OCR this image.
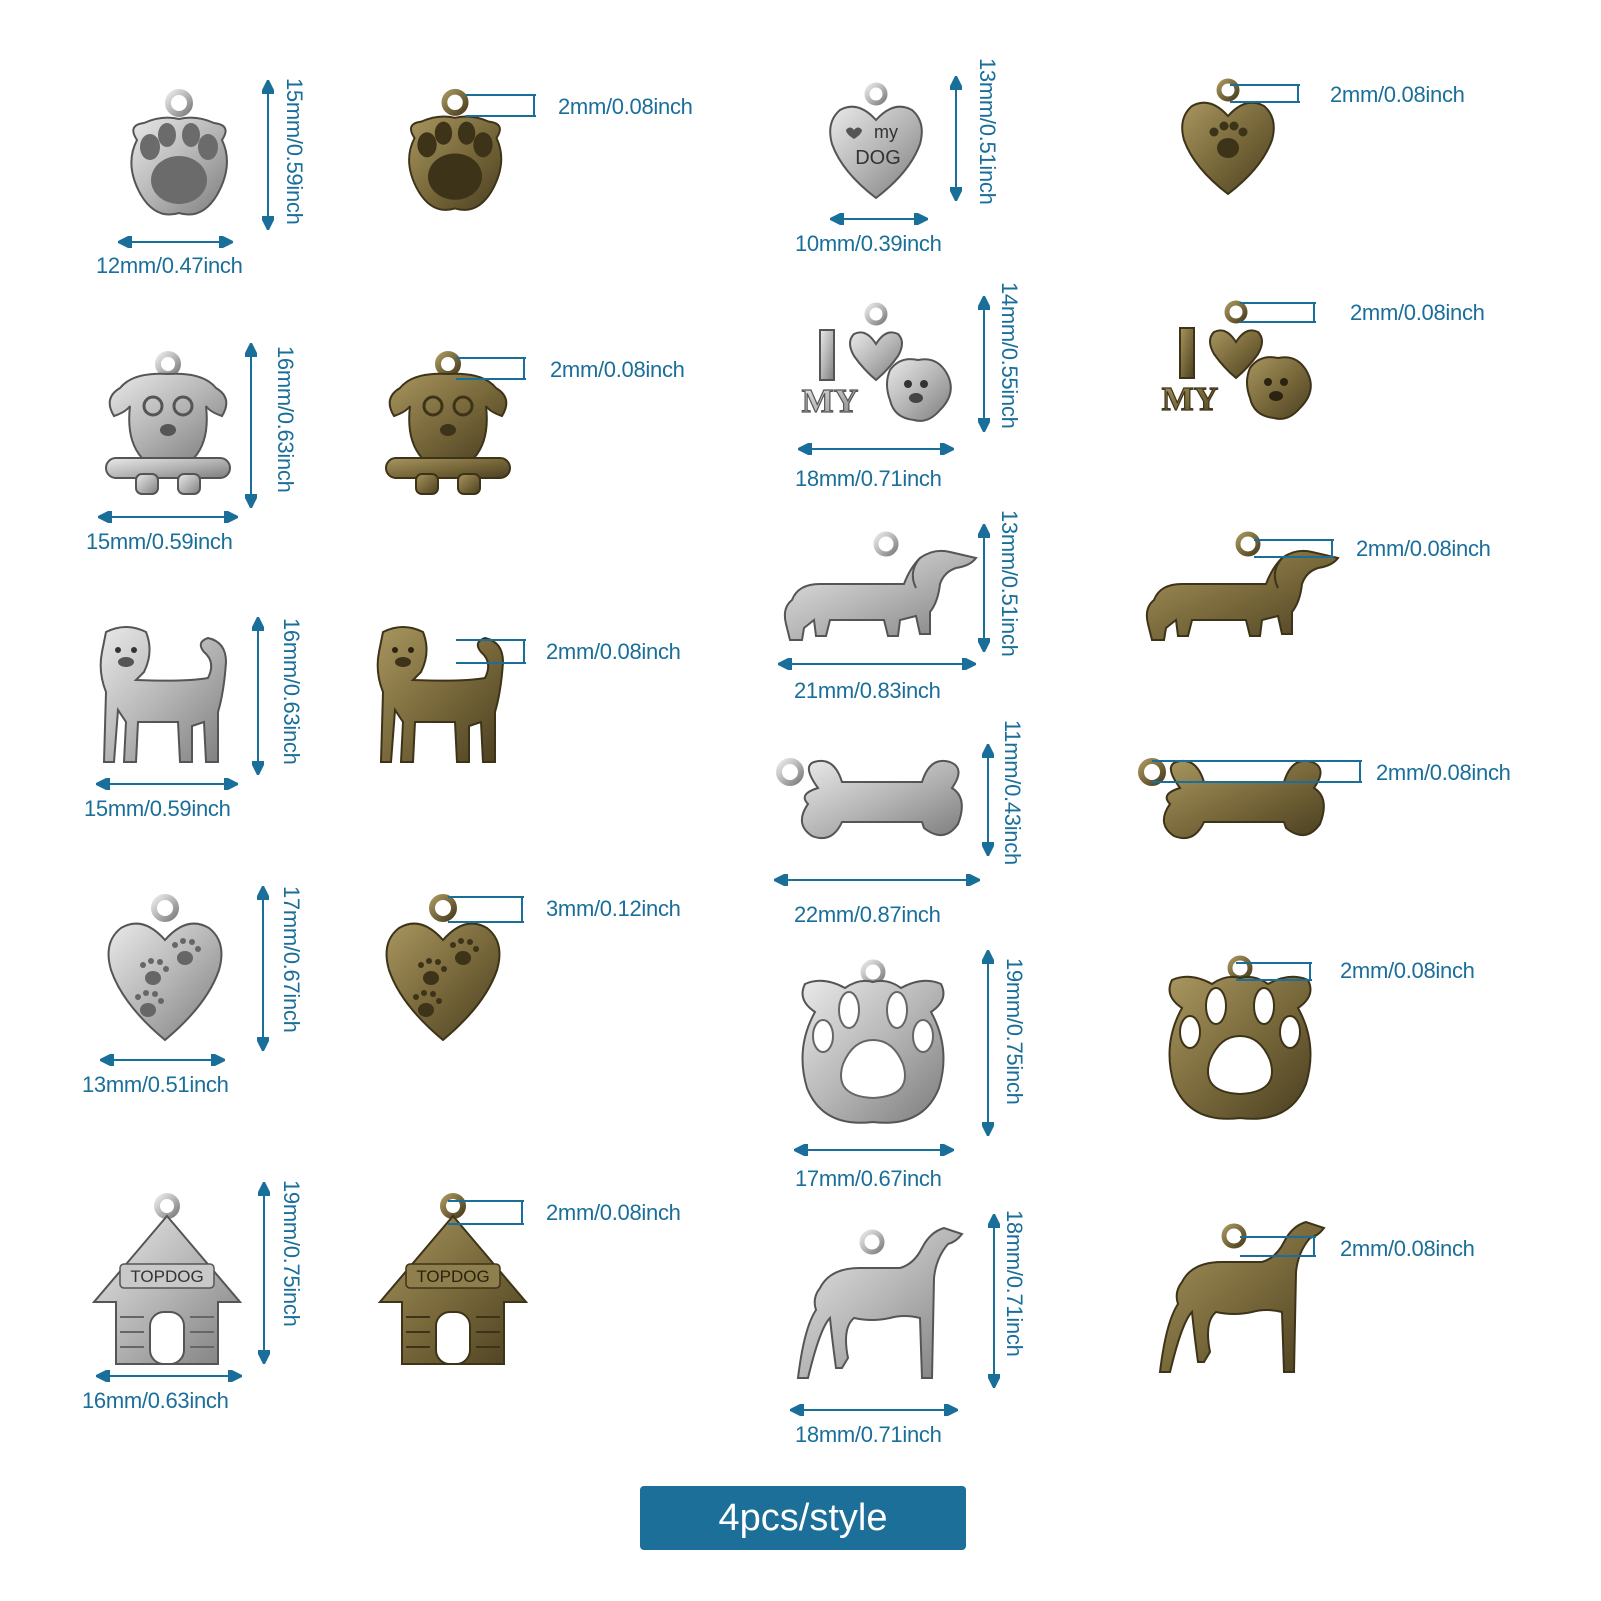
15mm/0.59inch
12mm/0.47inch
2mm/0.08inch
16mm/0.63inch
15mm/0.59inch
2mm/0.08inch
16mm/0.63inch
15mm/0.59inch
2mm/0.08inch
17mm/0.67inch
13mm/0.51inch
3mm/0.12inch
TOPDOG	19mm/0.75inch
16mm/0.63inch
TOPDOG
2mm/0.08inch
my
DOG	13mm/0.51inch
10mm/0.39inch
2mm/0.08inch
MY	14mm/0.55inch
18mm/0.71inch
MY
2mm/0.08inch
13mm/0.51inch
21mm/0.83inch
2mm/0.08inch
11mm/0.43inch
22mm/0.87inch
2mm/0.08inch
19mm/0.75inch
17mm/0.67inch
2mm/0.08inch
18mm/0.71inch
18mm/0.71inch
2mm/0.08inch
4pcs/style
